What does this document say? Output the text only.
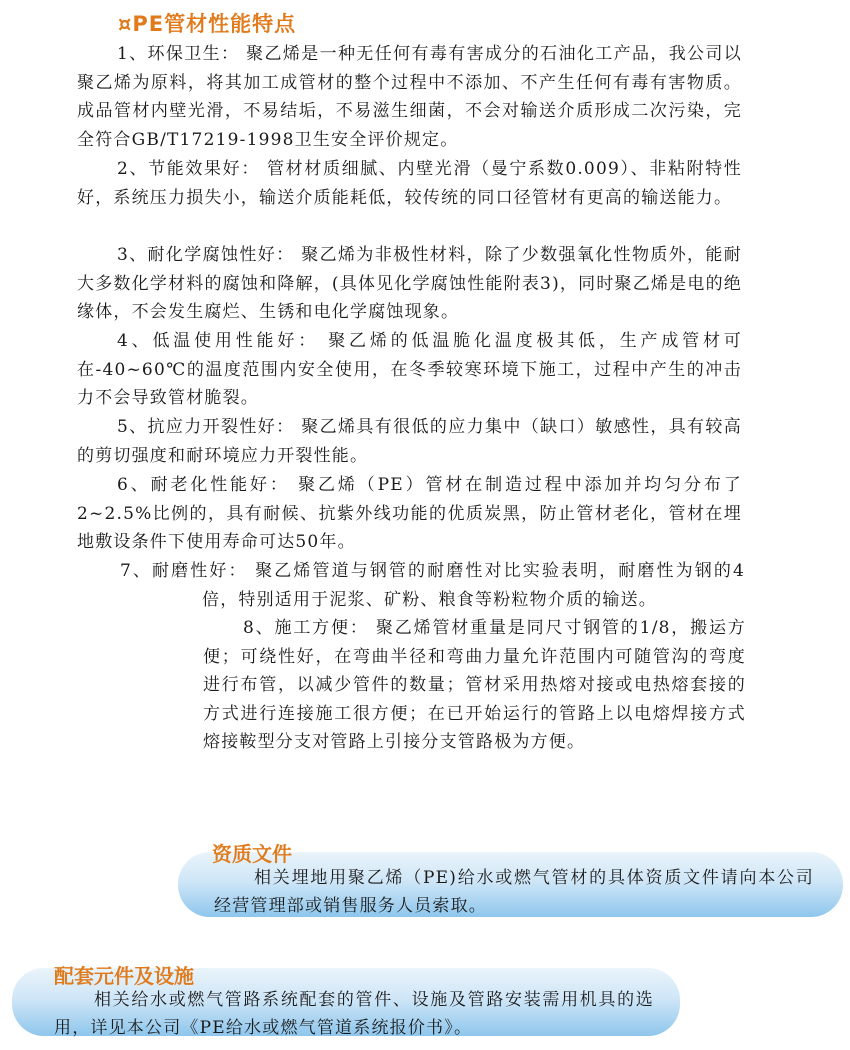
¤PE管材性能特点
1、环保卫生： 聚乙烯是一种无任何有毒有害成分的石油化工产品，我公司以聚乙烯为原料，将其加工成管材的整个过程中不添加、不产生任何有毒有害物质。成品管材内壁光滑，不易结垢，不易滋生细菌，不会对输送介质形成二次污染，完全符合GB/T17219-1998卫生安全评价规定。
2、节能效果好： 管材材质细腻、内壁光滑（曼宁系数0.009）、非粘附特性好，系统压力损失小，输送介质能耗低，较传统的同口径管材有更高的输送能力。
3、耐化学腐蚀性好： 聚乙烯为非极性材料，除了少数强氧化性物质外，能耐大多数化学材料的腐蚀和降解，(具体见化学腐蚀性能附表3)，同时聚乙烯是电的绝缘体，不会发生腐烂、生锈和电化学腐蚀现象。
4、低温使用性能好： 聚乙烯的低温脆化温度极其低，生产成管材可在-40~60℃的温度范围内安全使用，在冬季较寒环境下施工，过程中产生的冲击力不会导致管材脆裂。
5、抗应力开裂性好： 聚乙烯具有很低的应力集中（缺口）敏感性，具有较高的剪切强度和耐环境应力开裂性能。
6、耐老化性能好： 聚乙烯（PE）管材在制造过程中添加并均匀分布了2~2.5%比例的，具有耐候、抗紫外线功能的优质炭黑，防止管材老化，管材在埋地敷设条件下使用寿命可达50年。
7、耐磨性好： 聚乙烯管道与钢管的耐磨性对比实验表明，耐磨性为钢的4倍，特别适用于泥浆、矿粉、粮食等粉粒物介质的输送。
8、施工方便： 聚乙烯管材重量是同尺寸钢管的1/8，搬运方便；可绕性好，在弯曲半径和弯曲力量允许范围内可随管沟的弯度进行布管，以减少管件的数量；管材采用热熔对接或电热熔套接的方式进行连接施工很方便；在已开始运行的管路上以电熔焊接方式熔接鞍型分支对管路上引接分支管路极为方便。
资质文件
相关埋地用聚乙烯（PE)给水或燃气管材的具体资质文件请向本公司经营管理部或销售服务人员索取。
配套元件及设施
相关给水或燃气管路系统配套的管件、设施及管路安装需用机具的选用，详见本公司《PE给水或燃气管道系统报价书》。
